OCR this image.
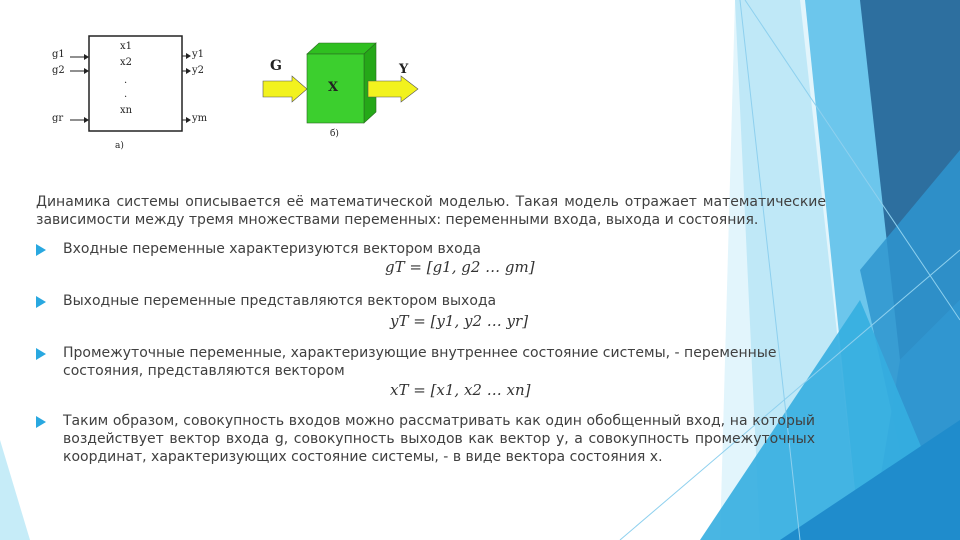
g1
g2
gr
x1
x2
.
.
xn
y1
y2
ym
а)
G
X
Y
б)
Динамика системы описывается её математической моделью. Такая модель отражает математические зависимости между тремя множествами переменных: переменными входа, выхода и состояния.
Входные переменные характеризуются вектором входа
gT = [g1, g2 … gm]
Выходные переменные представляются вектором выхода
yT = [y1, y2 … yr]
Промежуточные переменные, характеризующие внутреннее состояние системы, - переменные состояния, представляются вектором
xT = [x1, x2 … xn]
Таким образом, совокупность входов можно рассматривать как один обобщенный вход, на который воздействует вектор входа g, совокупность выходов как вектор y, а совокупность промежуточных координат, характеризующих состояние системы, - в виде вектора состояния x.
